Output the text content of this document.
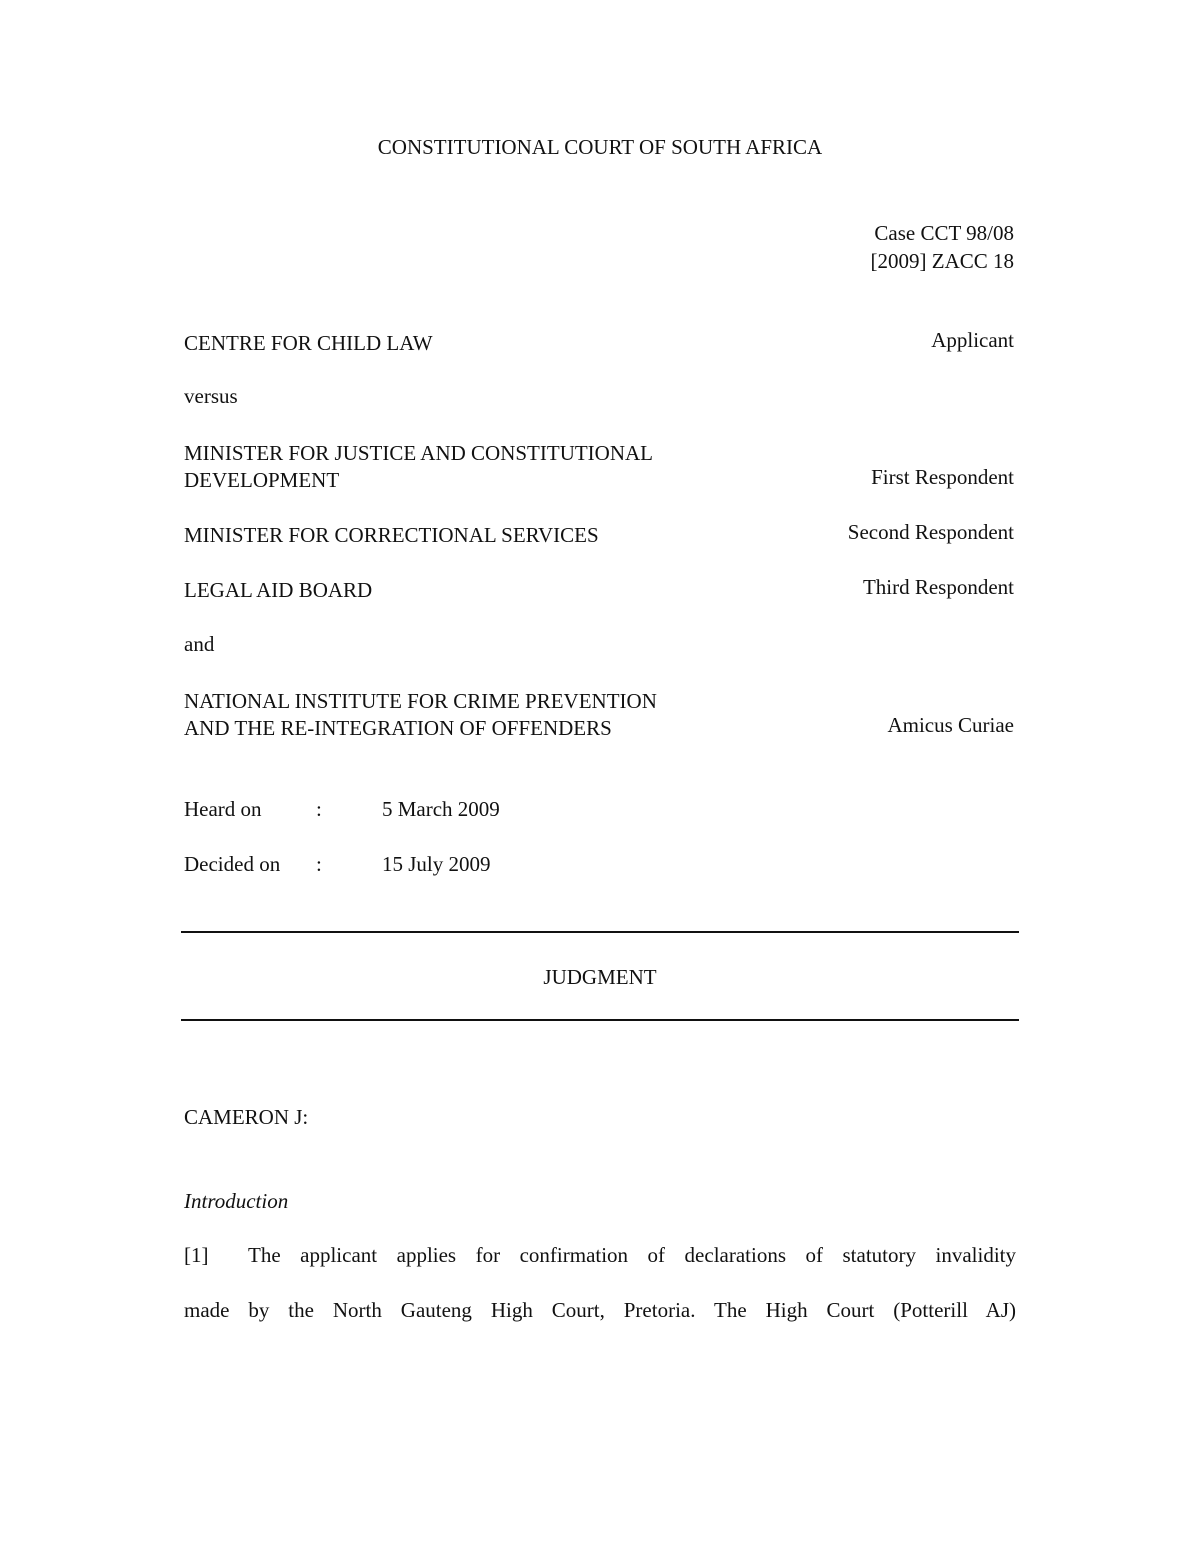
CONSTITUTIONAL COURT OF SOUTH AFRICA
Case CCT 98/08
[2009] ZACC 18
CENTRE FOR CHILD LAW	Applicant
versus
MINISTER FOR JUSTICE AND CONSTITUTIONAL
DEVELOPMENT	First Respondent
MINISTER FOR CORRECTIONAL SERVICES	Second Respondent
LEGAL AID BOARD	Third Respondent
and
NATIONAL INSTITUTE FOR CRIME PREVENTION
AND THE RE-INTEGRATION OF OFFENDERS	Amicus Curiae
Heard on	:	5 March 2009
Decided on :	15 July 2009
JUDGMENT
CAMERON J:
Introduction
[1] The applicant applies for confirmation of declarations of statutory invalidity
made by the North Gauteng High Court, Pretoria. The High Court (Potterill AJ)
